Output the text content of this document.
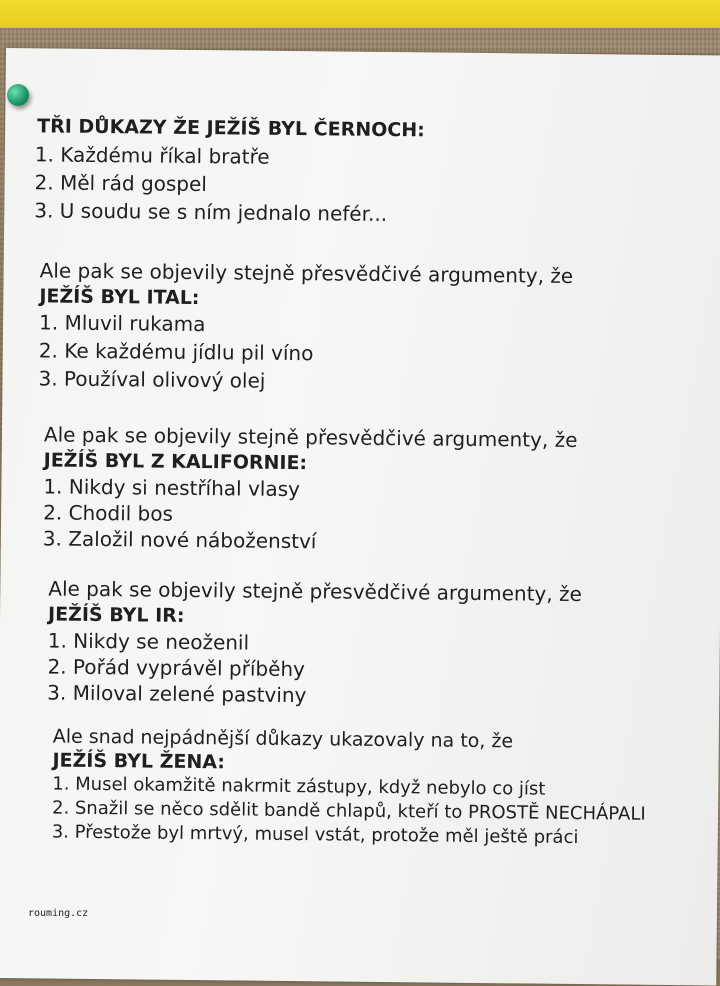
TŘI DŮKAZY ŽE JEŽÍŠ BYL ČERNOCH:
1. Každému říkal bratře
2. Měl rád gospel
3. U soudu se s ním jednalo nefér...
Ale pak se objevily stejně přesvědčivé argumenty, že
JEŽÍŠ BYL ITAL:
1. Mluvil rukama
2. Ke každému jídlu pil víno
3. Používal olivový olej
Ale pak se objevily stejně přesvědčivé argumenty, že
JEŽÍŠ BYL Z KALIFORNIE:
1. Nikdy si nestříhal vlasy
2. Chodil bos
3. Založil nové náboženství
Ale pak se objevily stejně přesvědčivé argumenty, že
JEŽÍŠ BYL IR:
1. Nikdy se neoženil
2. Pořád vyprávěl příběhy
3. Miloval zelené pastviny
Ale snad nejpádnější důkazy ukazovaly na to, že
JEŽÍŠ BYL ŽENA:
1. Musel okamžitě nakrmit zástupy, když nebylo co jíst
2. Snažil se něco sdělit bandě chlapů, kteří to PROSTĚ NECHÁPALI
3. Přestože byl mrtvý, musel vstát, protože měl ještě práci
rouming.cz
